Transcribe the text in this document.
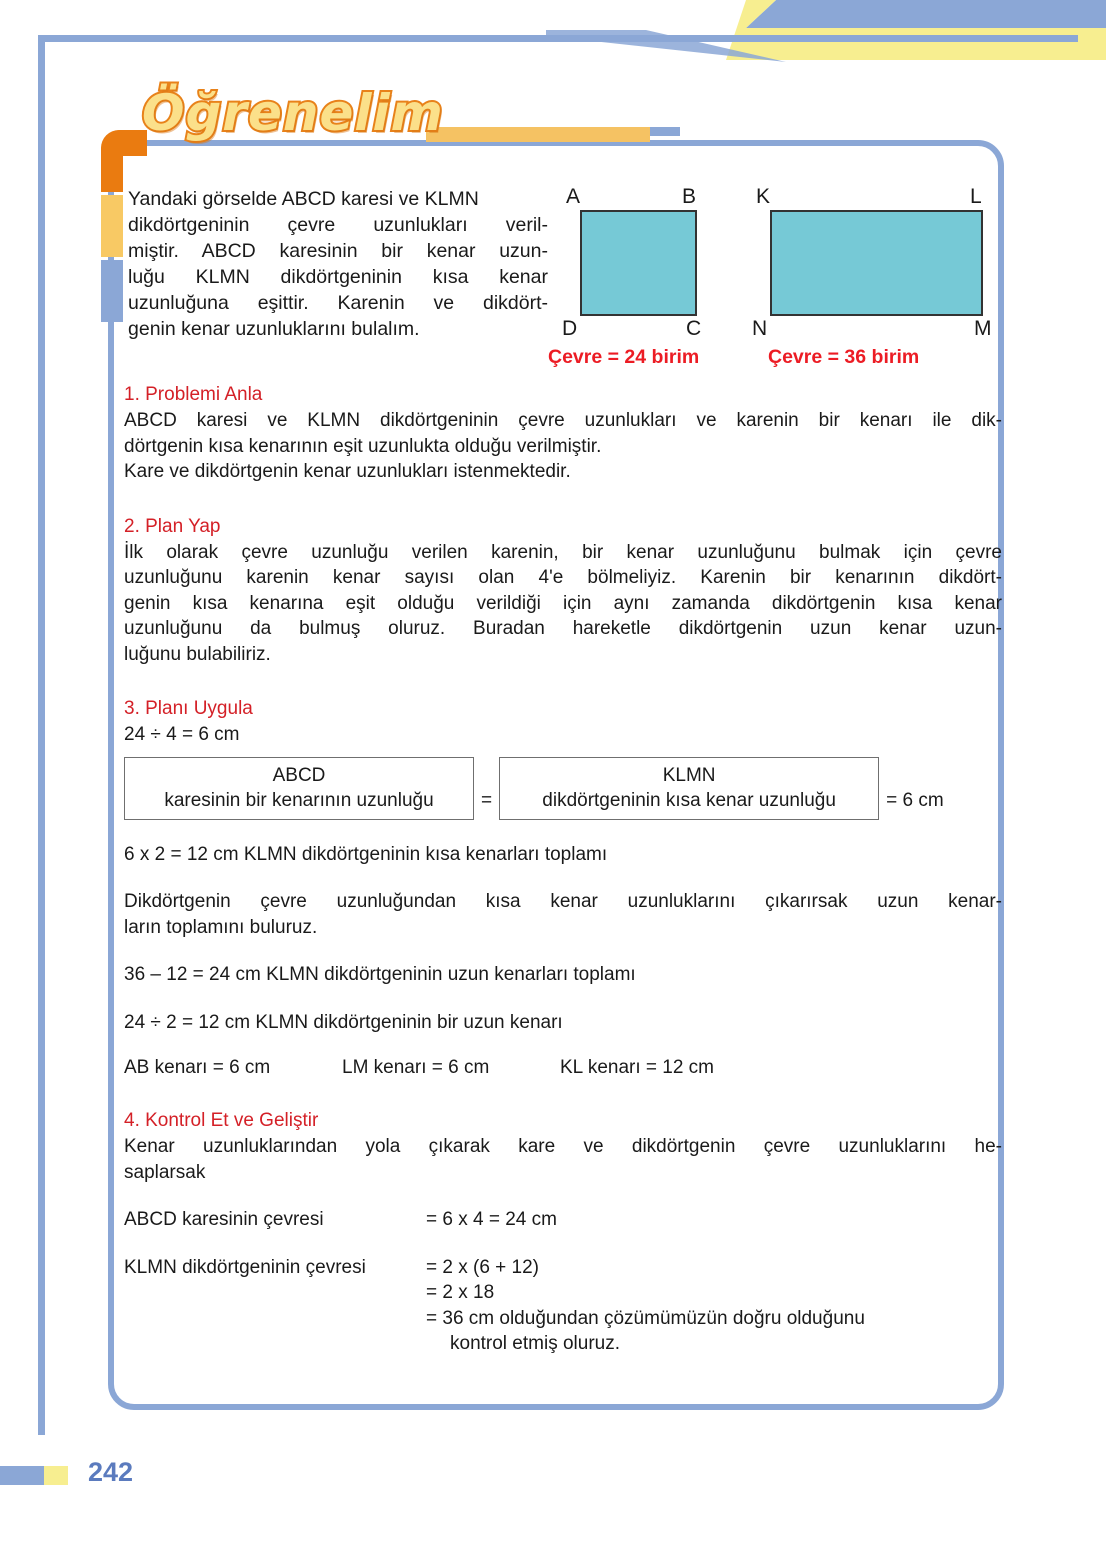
Öğrenelim
Yandaki görselde ABCD karesi ve KLMN
dikdörtgeninin çevre uzunlukları veril-
miştir. ABCD karesinin bir kenar uzun-
luğu KLMN dikdörtgeninin kısa kenar
uzunluğuna eşittir. Karenin ve dikdört-
genin kenar uzunluklarını bulalım.
A	B
D	C
Çevre = 24 birim
K	L
N	M
Çevre = 36 birim
1. Problemi Anla
ABCD karesi ve KLMN dikdörtgeninin çevre uzunlukları ve karenin bir kenarı ile dik-
dörtgenin kısa kenarının eşit uzunlukta olduğu verilmiştir.
Kare ve dikdörtgenin kenar uzunlukları istenmektedir.
2. Plan Yap
İlk olarak çevre uzunluğu verilen karenin, bir kenar uzunluğunu bulmak için çevre
uzunluğunu karenin kenar sayısı olan 4'e bölmeliyiz. Karenin bir kenarının dikdört-
genin kısa kenarına eşit olduğu verildiği için aynı zamanda dikdörtgenin kısa kenar
uzunluğunu da bulmuş oluruz. Buradan hareketle dikdörtgenin uzun kenar uzun-
luğunu bulabiliriz.
3. Planı Uygula
24 ÷ 4 = 6 cm
ABCD
karesinin bir kenarının uzunluğu	=
KLMN
dikdörtgeninin kısa kenar uzunluğu	= 6 cm
6 x 2 = 12 cm KLMN dikdörtgeninin kısa kenarları toplamı
Dikdörtgenin çevre uzunluğundan kısa kenar uzunluklarını çıkarırsak uzun kenar-
ların toplamını buluruz.
36 – 12 = 24 cm KLMN dikdörtgeninin uzun kenarları toplamı
24 ÷ 2 = 12 cm KLMN dikdörtgeninin bir uzun kenarı
AB kenarı = 6 cm	LM kenarı = 6 cm	KL kenarı = 12 cm
4. Kontrol Et ve Geliştir
Kenar uzunluklarından yola çıkarak kare ve dikdörtgenin çevre uzunluklarını he-
saplarsak
ABCD karesinin çevresi	= 6 x 4 = 24 cm
KLMN dikdörtgeninin çevresi	= 2 x (6 + 12)
= 2 x 18
= 36 cm olduğundan çözümümüzün doğru olduğunu
kontrol etmiş oluruz.
242
